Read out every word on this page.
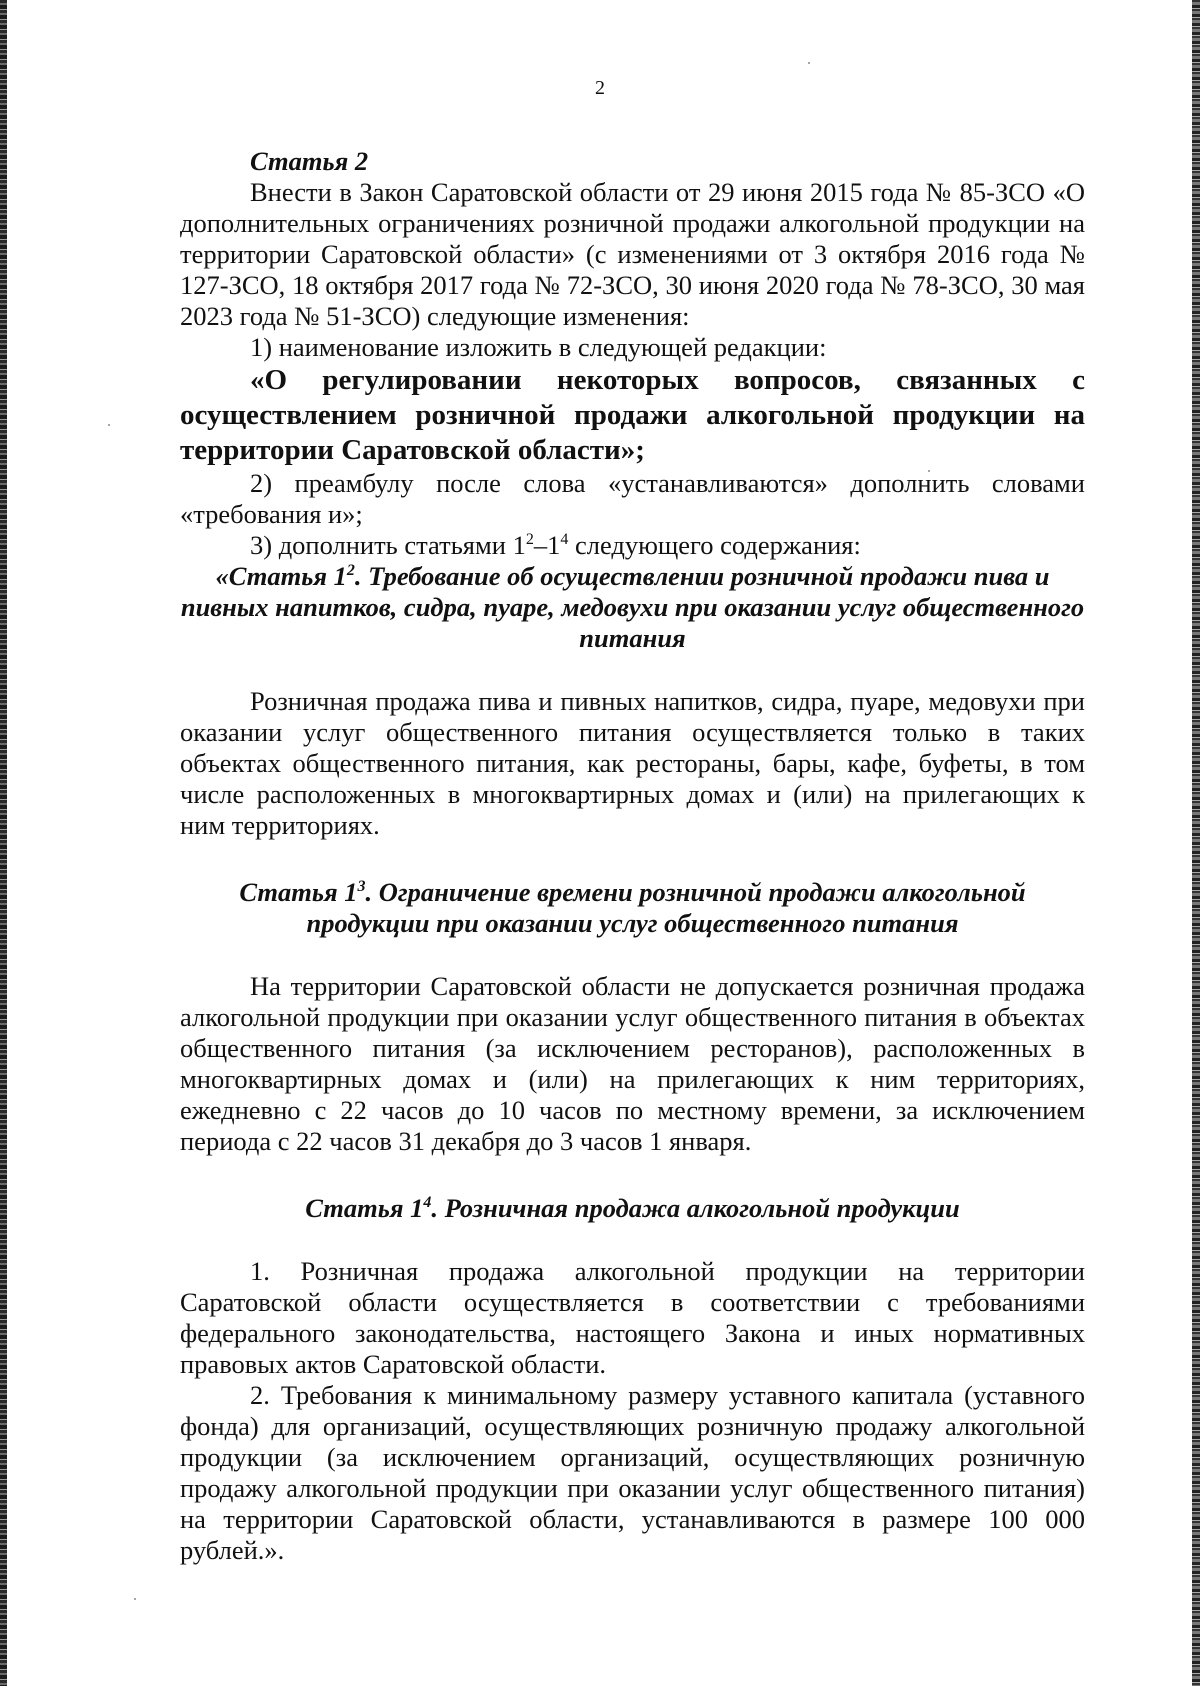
2
Статья 2

Внести в Закон Саратовской области от 29 июня 2015 года № 85-ЗСО «О дополнительных ограничениях розничной продажи алкогольной продукции на территории Саратовской области» (с изменениями от 3 октября 2016 года № 127-ЗСО, 18 октября 2017 года № 72-ЗСО, 30 июня 2020 года № 78-ЗСО, 30 мая 2023 года № 51-ЗСО) следующие изменения:

1) наименование изложить в следующей редакции:

«О регулировании некоторых вопросов, связанных с осуществлением розничной продажи алкогольной продукции на территории Саратовской области»;

2) преамбулу после слова «устанавливаются» дополнить словами «требования и»;

3) дополнить статьями $1^2-1^4$ следующего содержания:

«Статья $1^2$. Требование об осуществлении розничной продажи пива и пивных напитков, сидра, пуаре, медовухи при оказании услуг общественного питания

Розничная продажа пива и пивных напитков, сидра, пуаре, медовухи при оказании услуг общественного питания осуществляется только в таких объектах общественного питания, как рестораны, бары, кафе, буфеты, в том числе расположенных в многоквартирных домах и (или) на прилегающих к ним территориях.

Статья $1^3$. Ограничение времени розничной продажи алкогольной продукции при оказании услуг общественного питания

На территории Саратовской области не допускается розничная продажа алкогольной продукции при оказании услуг общественного питания в объектах общественного питания (за исключением ресторанов), расположенных в многоквартирных домах и (или) на прилегающих к ним территориях, ежедневно с 22 часов до 10 часов по местному времени, за исключением периода с 22 часов 31 декабря до 3 часов 1 января.

Статья $1^4$. Розничная продажа алкогольной продукции

1. Розничная продажа алкогольной продукции на территории Саратовской области осуществляется в соответствии с требованиями федерального законодательства, настоящего Закона и иных нормативных правовых актов Саратовской области.

2. Требования к минимальному размеру уставного капитала (уставного фонда) для организаций, осуществляющих розничную продажу алкогольной продукции (за исключением организаций, осуществляющих розничную продажу алкогольной продукции при оказании услуг общественного питания) на территории Саратовской области, устанавливаются в размере 100 000 рублей.».
